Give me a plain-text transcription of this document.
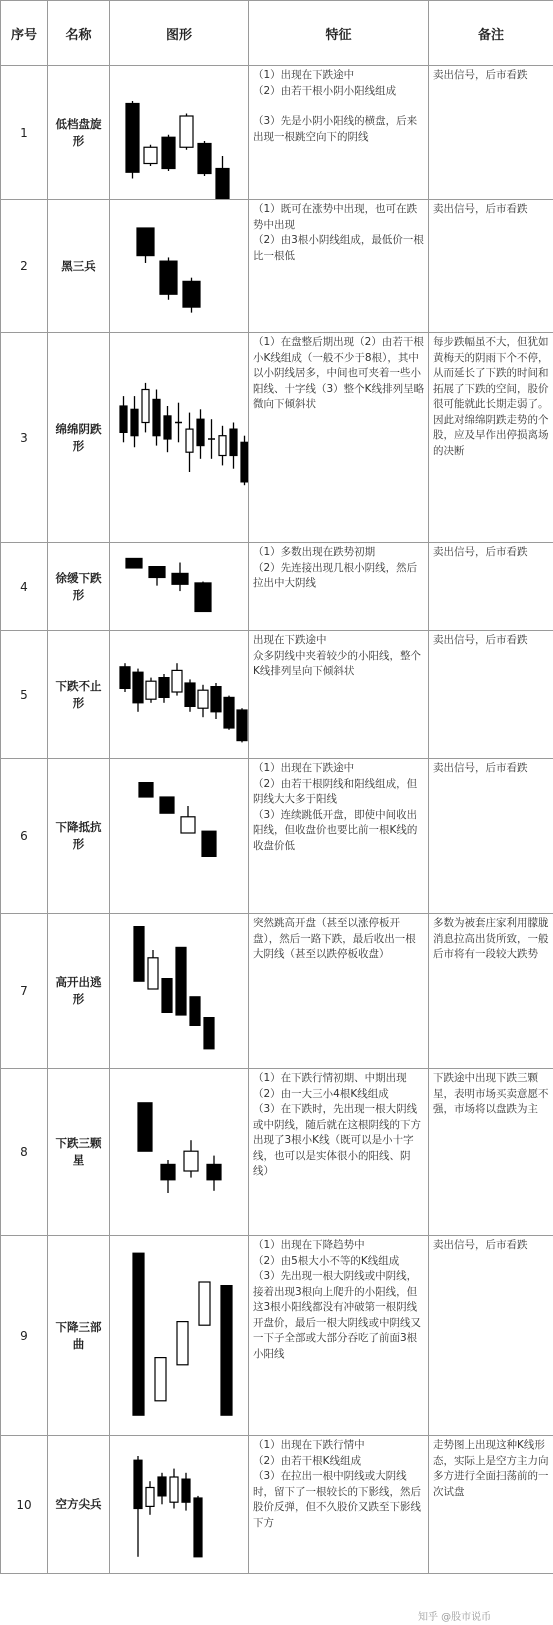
序号	名称	图形	特征	备注
1	低档盘旋形		（1）出现在下跌途中

（2）由若干根小阴小阳线组成

（3）先是小阴小阳线的横盘，后来出现一根跳空向下的阴线	卖出信号，后市看跌
2	黑三兵		（1）既可在涨势中出现，也可在跌势中出现

（2）由3根小阴线组成，最低价一根比一根低	卖出信号，后市看跌
3	绵绵阴跌形		（1）在盘整后期出现（2）由若干根小K线组成（一般不少于8根），其中以小阴线居多，中间也可夹着一些小阳线、十字线（3）整个K线排列呈略微向下倾斜状	每步跌幅虽不大，但犹如黄梅天的阴雨下个不停，从而延长了下跌的时间和拓展了下跌的空间，股价很可能就此长期走弱了。因此对绵绵阴跌走势的个股，应及早作出停损离场的决断
4	徐缓下跌形		（1）多数出现在跌势初期

（2）先连接出现几根小阴线，然后拉出中大阴线	卖出信号，后市看跌
5	下跌不止形		出现在下跌途中

众多阴线中夹着较少的小阳线，整个K线排列呈向下倾斜状	卖出信号，后市看跌
6	下降抵抗形		（1）出现在下跌途中

（2）由若干根阴线和阳线组成，但阴线大大多于阳线

（3）连续跳低开盘，即使中间收出阳线，但收盘价也要比前一根K线的收盘价低	卖出信号，后市看跌
7	高开出逃形		突然跳高开盘（甚至以涨停板开盘），然后一路下跌，最后收出一根大阴线（甚至以跌停板收盘）	多数为被套庄家利用朦胧消息拉高出货所致，一般后市将有一段较大跌势
8	下跌三颗星		（1）在下跌行情初期、中期出现

（2）由一大三小4根K线组成

（3）在下跌时，先出现一根大阴线或中阴线，随后就在这根阴线的下方出现了3根小K线（既可以是小十字线，也可以是实体很小的阳线、阴线）	下跌途中出现下跌三颗星，表明市场买卖意愿不强，市场将以盘跌为主
9	下降三部曲		（1）出现在下降趋势中

（2）由5根大小不等的K线组成

（3）先出现一根大阴线或中阴线，接着出现3根向上爬升的小阳线，但这3根小阳线都没有冲破第一根阴线开盘价，最后一根大阴线或中阴线又一下子全部或大部分吞吃了前面3根小阳线	卖出信号，后市看跌
10	空方尖兵		（1）出现在下跌行情中

（2）由若干根K线组成

（3）在拉出一根中阴线或大阴线时，留下了一根较长的下影线，然后股价反弹，但不久股价又跌至下影线下方	走势图上出现这种K线形态，实际上是空方主力向多方进行全面扫荡前的一次试盘
知乎 @股市说币
